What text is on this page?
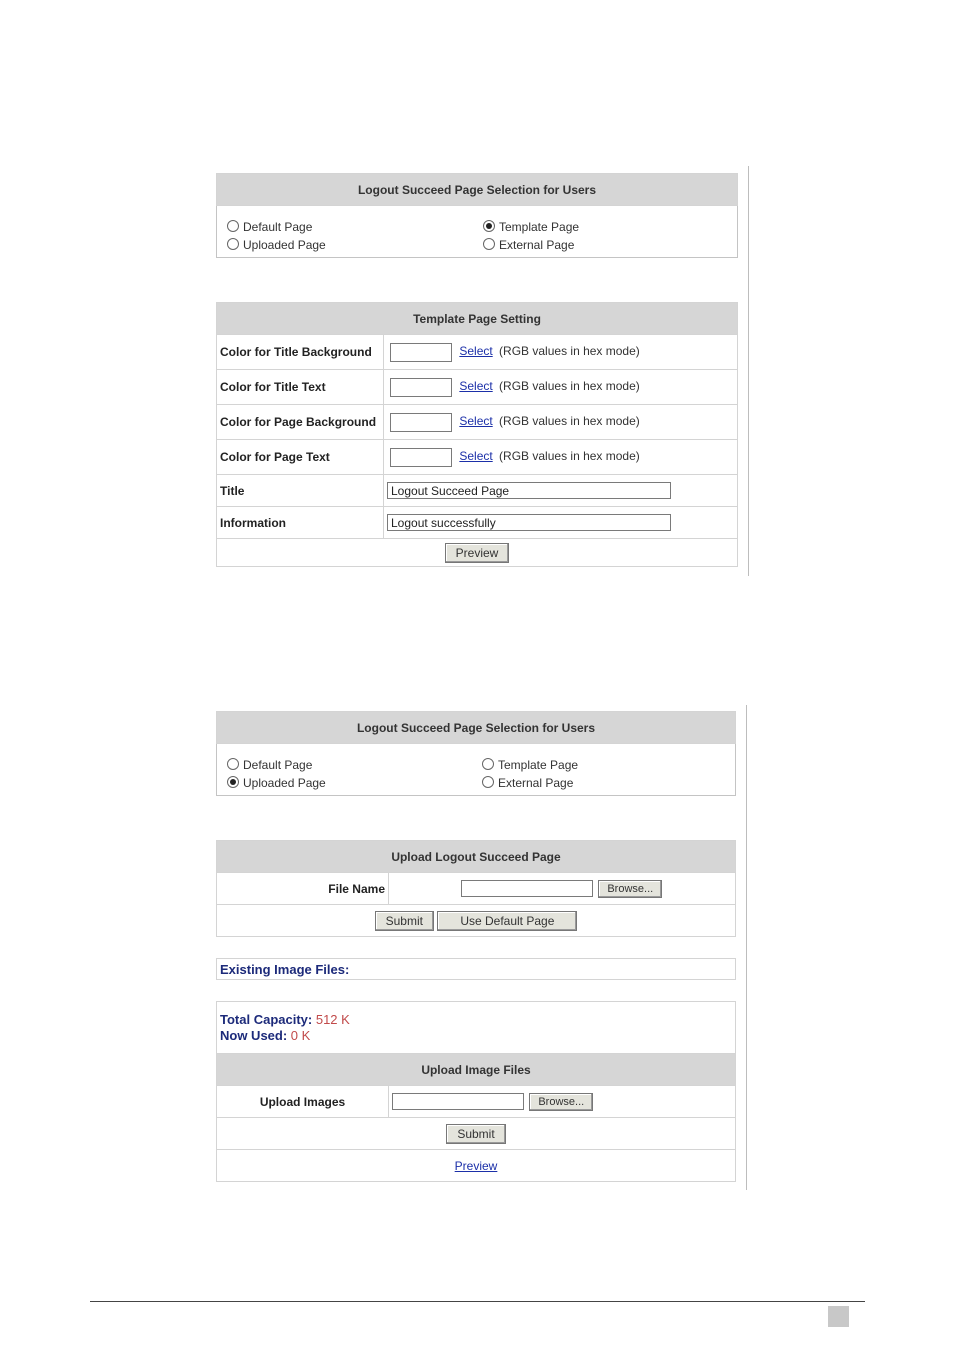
Logout Succeed Page Selection for Users	
Default Page	Template Page
Uploaded Page	External Page
Template Page Setting	
Color for Title Background	Select (RGB values in hex mode)
Color for Title Text	Select (RGB values in hex mode)
Color for Page Background	Select (RGB values in hex mode)
Color for Page Text	Select (RGB values in hex mode)
Title	Logout Succeed Page
Information	Logout successfully
Preview	
Logout Succeed Page Selection for Users	
Default Page	Template Page
Uploaded Page	External Page
Upload Logout Succeed Page
File Name	Browse...
Submit	Use Default Page
Existing Image Files:
Total Capacity: 512 K
Now Used: 0 K

Upload Image Files
Upload Images	Browse...
Submit
Preview
